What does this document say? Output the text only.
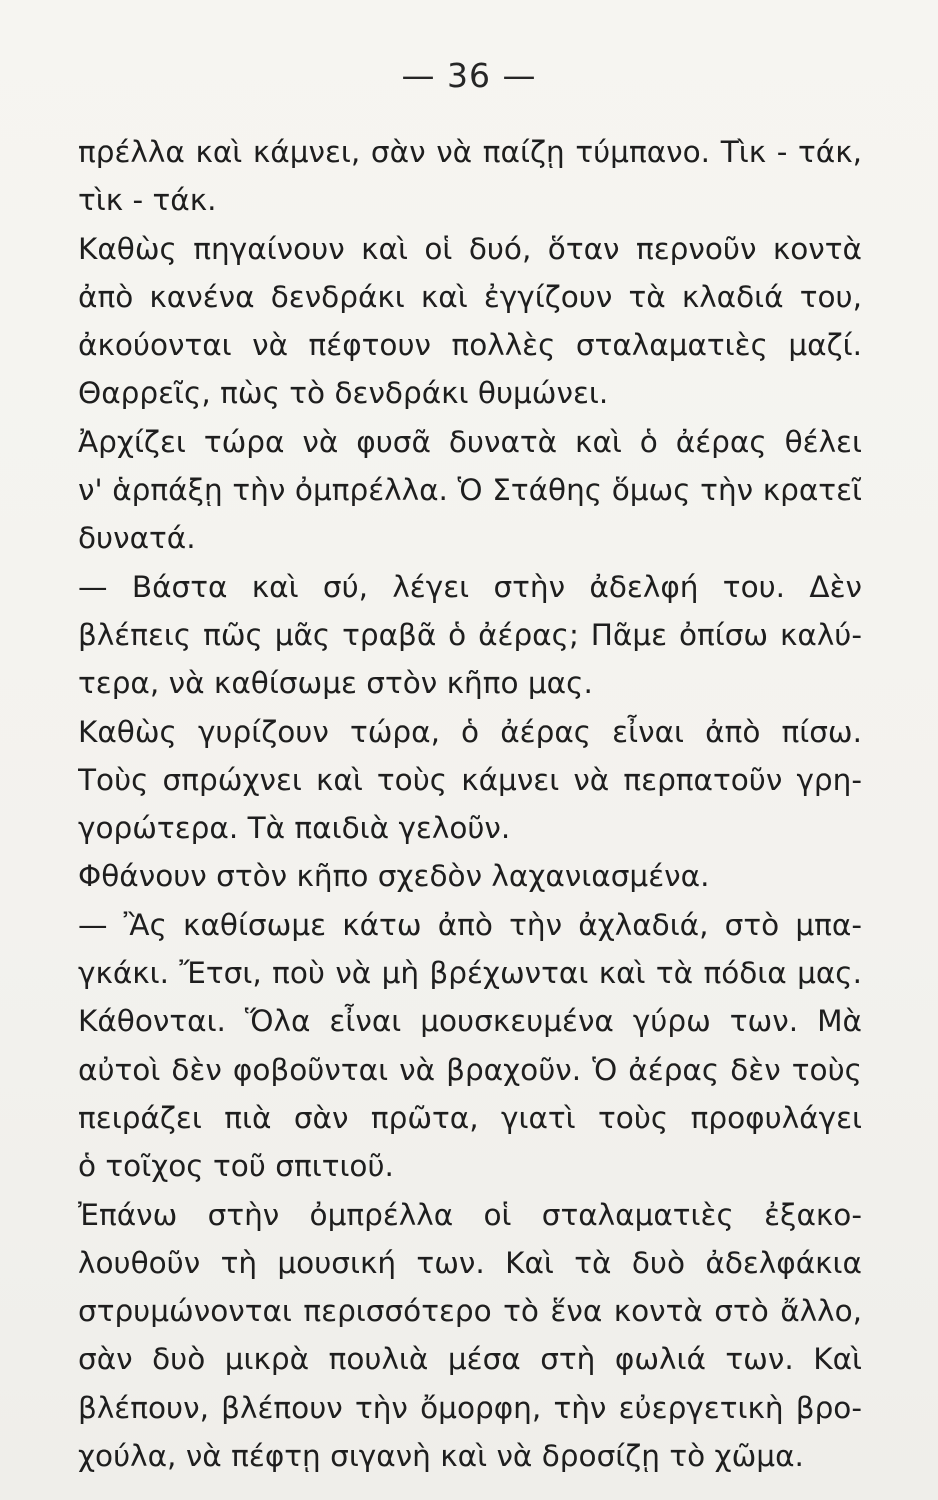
— 36 —
πρέλλα καὶ κάμνει, σὰν νὰ παίζῃ τύμπανο. Τὶκ - τάκ,
τὶκ - τάκ.
Καθὼς πηγαίνουν καὶ οἱ δυό, ὅταν περνοῦν κοντὰ
ἀπὸ κανένα δενδράκι καὶ ἐγγίζουν τὰ κλαδιά του,
ἀκούονται νὰ πέφτουν πολλὲς σταλαματιὲς μαζί.
Θαρρεῖς, πὼς τὸ δενδράκι θυμώνει.
Ἀρχίζει τώρα νὰ φυσᾶ δυνατὰ καὶ ὁ ἀέρας θέλει
ν' ἁρπάξῃ τὴν ὀμπρέλλα. Ὁ Στάθης ὅμως τὴν κρατεῖ
δυνατά.
— Βάστα καὶ σύ, λέγει στὴν ἀδελφή του. Δὲν
βλέπεις πῶς μᾶς τραβᾶ ὁ ἀέρας; Πᾶμε ὀπίσω καλύ-
τερα, νὰ καθίσωμε στὸν κῆπο μας.
Καθὼς γυρίζουν τώρα, ὁ ἀέρας εἶναι ἀπὸ πίσω.
Τοὺς σπρώχνει καὶ τοὺς κάμνει νὰ περπατοῦν γρη-
γορώτερα. Τὰ παιδιὰ γελοῦν.
Φθάνουν στὸν κῆπο σχεδὸν λαχανιασμένα.
— Ἂς καθίσωμε κάτω ἀπὸ τὴν ἀχλαδιά, στὸ μπα-
γκάκι. Ἔτσι, ποὺ νὰ μὴ βρέχωνται καὶ τὰ πόδια μας.
Κάθονται. Ὅλα εἶναι μουσκευμένα γύρω των. Μὰ
αὐτοὶ δὲν φοβοῦνται νὰ βραχοῦν. Ὁ ἀέρας δὲν τοὺς
πειράζει πιὰ σὰν πρῶτα, γιατὶ τοὺς προφυλάγει
ὁ τοῖχος τοῦ σπιτιοῦ.
Ἐπάνω στὴν ὀμπρέλλα οἱ σταλαματιὲς ἐξακο-
λουθοῦν τὴ μουσική των. Καὶ τὰ δυὸ ἀδελφάκια
στρυμώνονται περισσότερο τὸ ἕνα κοντὰ στὸ ἄλλο,
σὰν δυὸ μικρὰ πουλιὰ μέσα στὴ φωλιά των. Καὶ
βλέπουν, βλέπουν τὴν ὄμορφη, τὴν εὐεργετικὴ βρο-
χούλα, νὰ πέφτῃ σιγανὴ καὶ νὰ δροσίζῃ τὸ χῶμα.
